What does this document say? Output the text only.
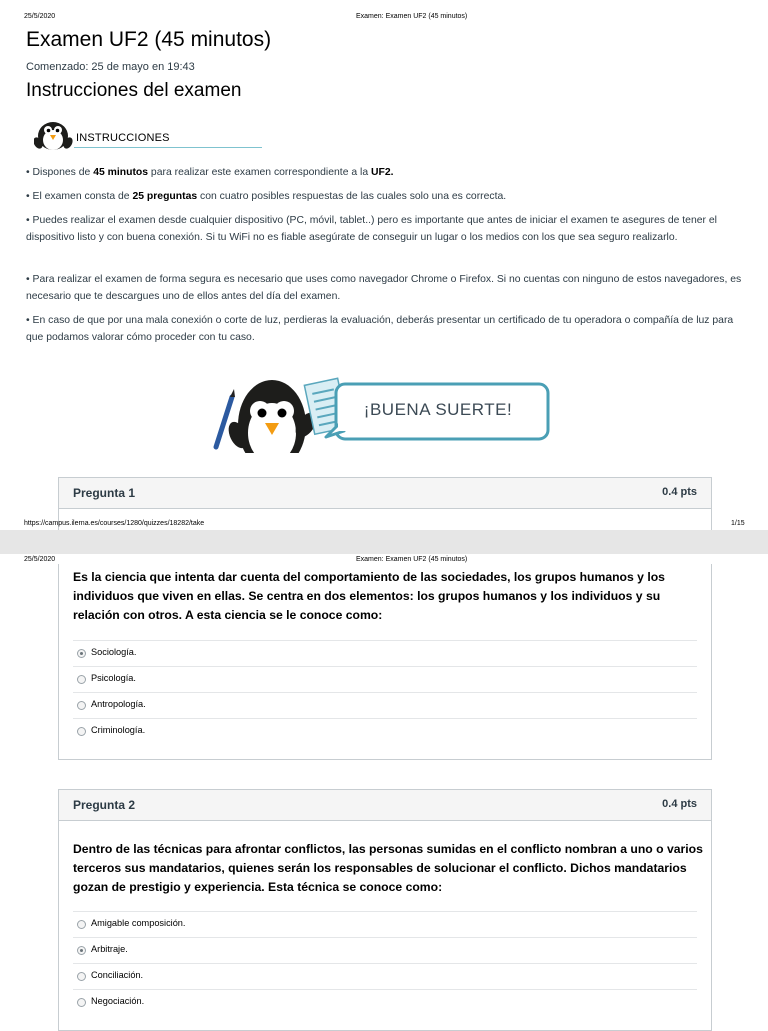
25/5/2020	Examen: Examen UF2 (45 minutos)
Examen UF2 (45 minutos)
Comenzado: 25 de mayo en 19:43
Instrucciones del examen
INSTRUCCIONES

• Dispones de 45 minutos para realizar este examen correspondiente a la UF2.

• El examen consta de 25 preguntas con cuatro posibles respuestas de las cuales solo una es correcta.

• Puedes realizar el examen desde cualquier dispositivo (PC, móvil, tablet..) pero es importante que antes de iniciar el examen te asegures de tener el dispositivo listo y con buena conexión. Si tu WiFi no es fiable asegúrate de conseguir un lugar o los medios con los que sea seguro realizarlo.

• Para realizar el examen de forma segura es necesario que uses como navegador Chrome o Firefox. Si no cuentas con ninguno de estos navegadores, es necesario que te descargues uno de ellos antes del día del examen.

• En caso de que por una mala conexión o corte de luz, perdieras la evaluación, deberás presentar un certificado de tu operadora o compañía de luz para que podamos valorar cómo proceder con tu caso.

¡BUENA SUERTE!
Pregunta 1	0.4 pts
https://campus.ilerna.es/courses/1280/quizzes/18282/take	1/15
25/5/2020	Examen: Examen UF2 (45 minutos)
Es la ciencia que intenta dar cuenta del comportamiento de las sociedades, los grupos humanos y los individuos que viven en ellas. Se centra en dos elementos: los grupos humanos y los individuos y su relación con otros. A esta ciencia se le conoce como:
Sociología.
Psicología.
Antropología.
Criminología.
Pregunta 2	0.4 pts
Dentro de las técnicas para afrontar conflictos, las personas sumidas en el conflicto nombran a uno o varios terceros sus mandatarios, quienes serán los responsables de solucionar el conflicto. Dichos mandatarios gozan de prestigio y experiencia. Esta técnica se conoce como:
Amigable composición.
Arbitraje.
Conciliación.
Negociación.
